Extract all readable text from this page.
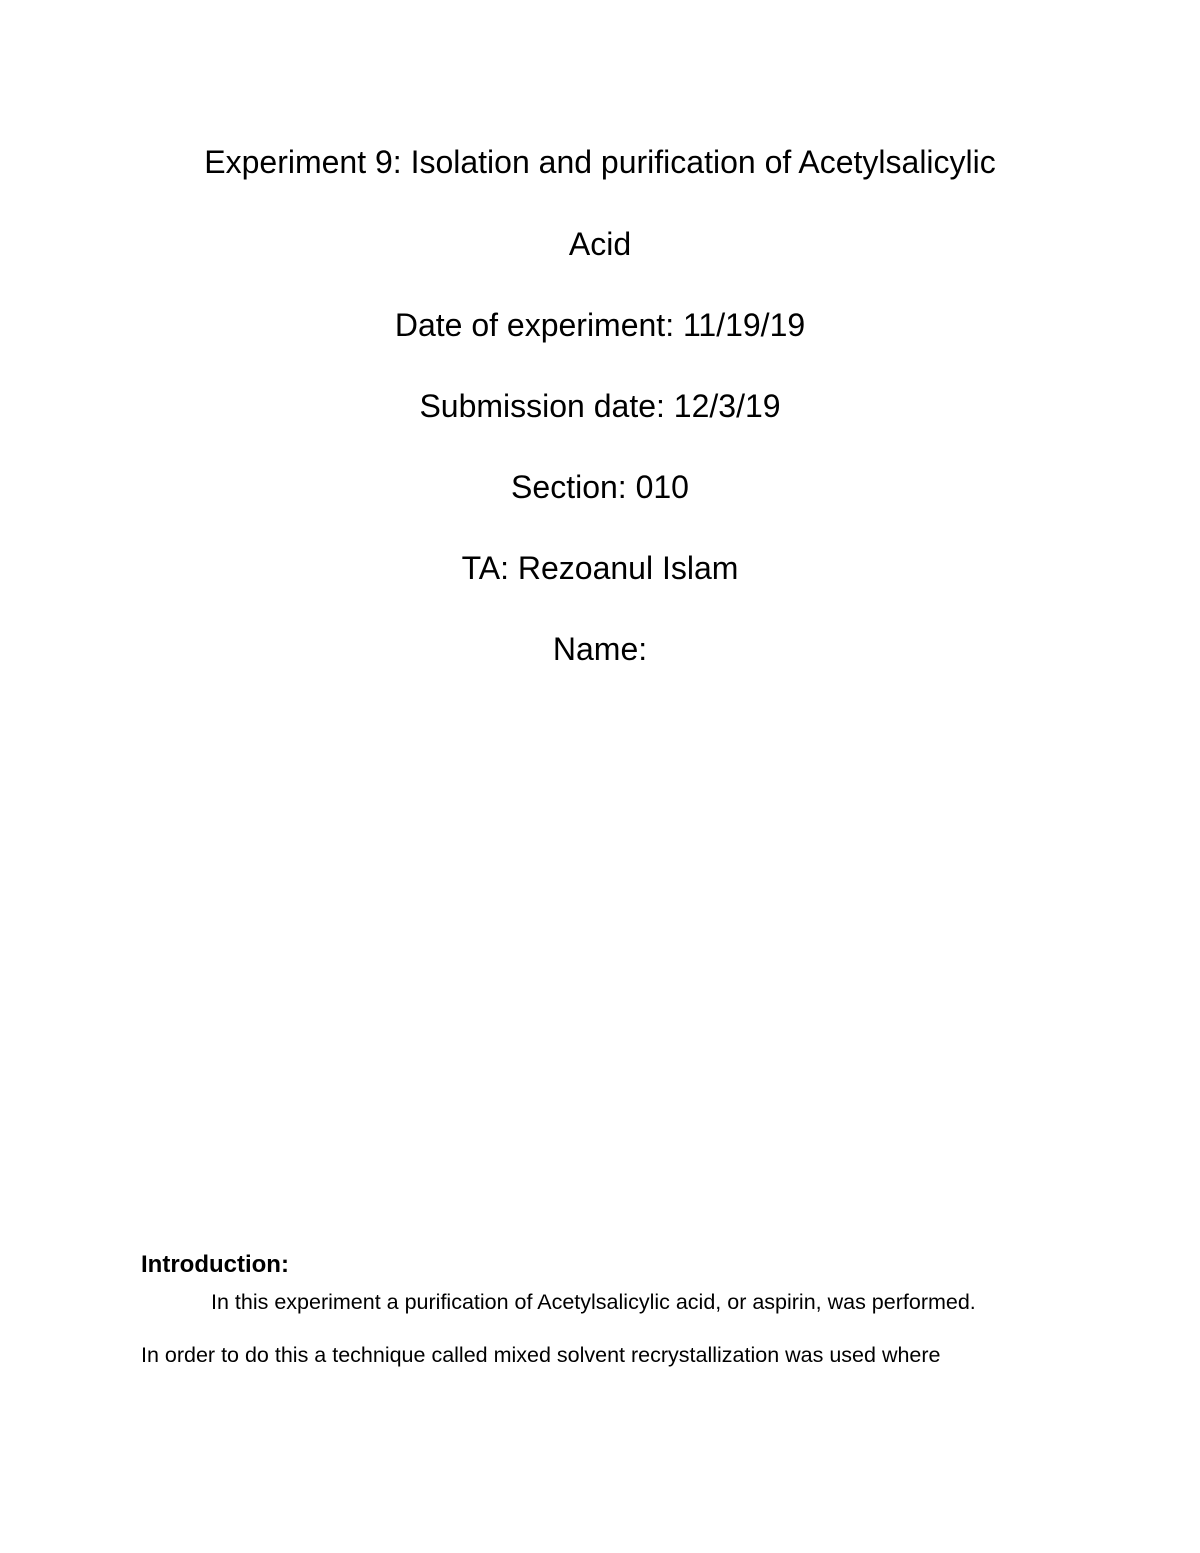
Experiment 9: Isolation and purification of Acetylsalicylic
Acid
Date of experiment: 11/19/19
Submission date: 12/3/19
Section: 010
TA: Rezoanul Islam
Name:
Introduction:
In this experiment a purification of Acetylsalicylic acid, or aspirin, was performed.
In order to do this a technique called mixed solvent recrystallization was used where
